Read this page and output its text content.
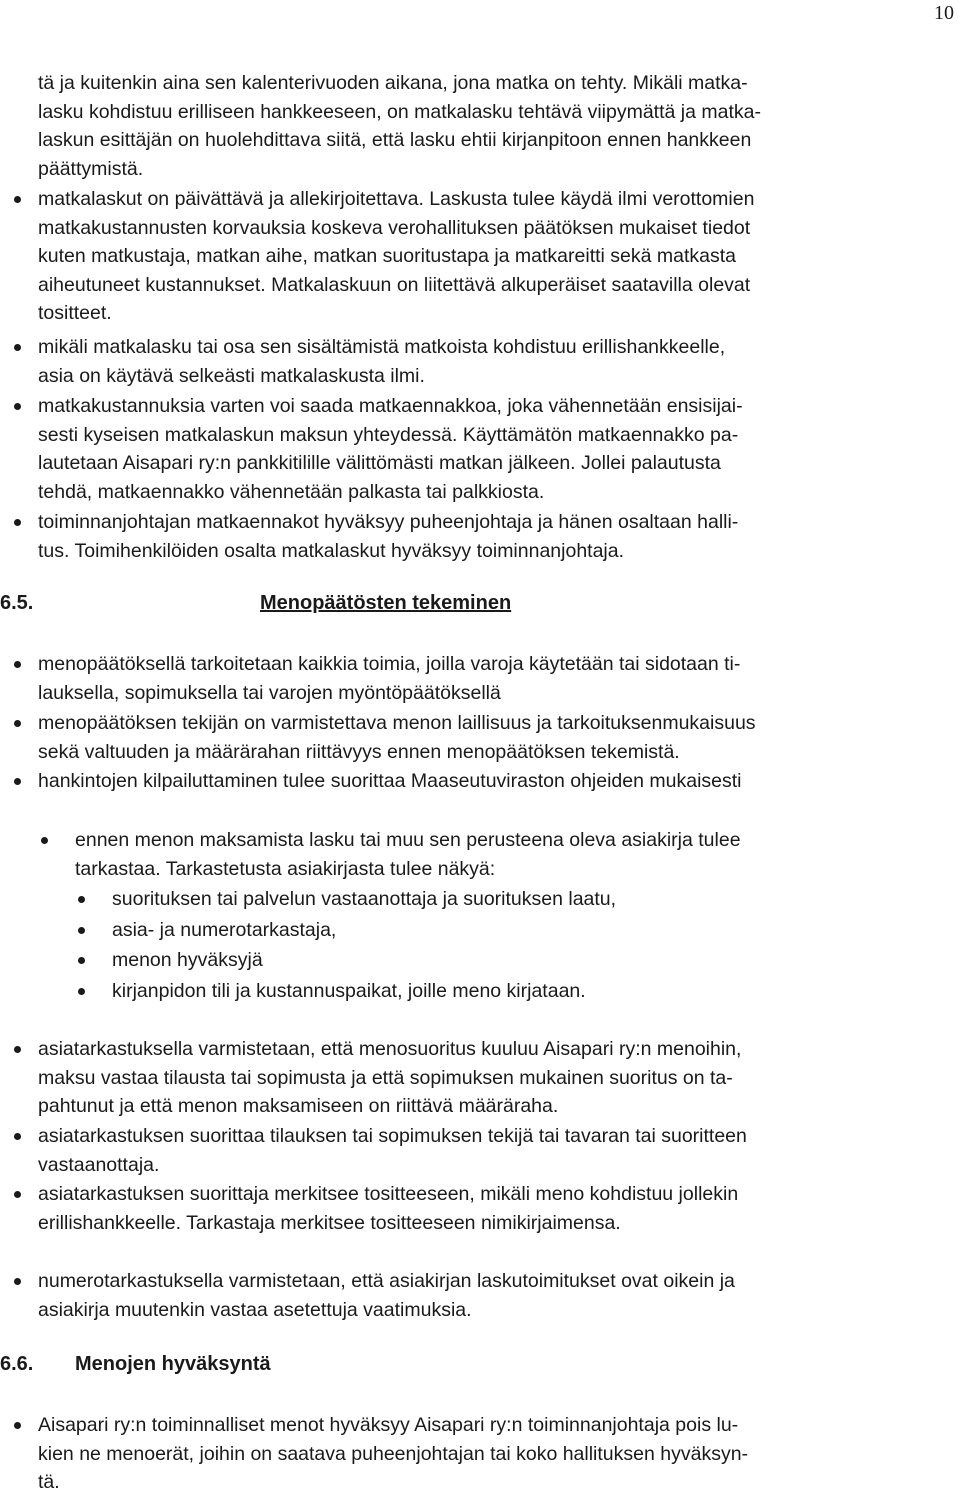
10

tä ja kuitenkin aina sen kalenterivuoden aikana, jona matka on tehty. Mikäli matka-

lasku kohdistuu erilliseen hankkeeseen, on matkalasku tehtävä viipymättä ja matka-

laskun esittäjän on huolehdittava siitä, että lasku ehtii kirjanpitoon ennen hankkeen

päättymistä.

matkalaskut on päivättävä ja allekirjoitettava. Laskusta tulee käydä ilmi verottomien

matkakustannusten korvauksia koskeva verohallituksen päätöksen mukaiset tiedot

kuten matkustaja, matkan aihe, matkan suoritustapa ja matkareitti sekä matkasta

aiheutuneet kustannukset. Matkalaskuun on liitettävä alkuperäiset saatavilla olevat

tositteet.

mikäli matkalasku tai osa sen sisältämistä matkoista kohdistuu erillishankkeelle,

asia on käytävä selkeästi matkalaskusta ilmi.

matkakustannuksia varten voi saada matkaennakkoa, joka vähennetään ensisijai-

sesti kyseisen matkalaskun maksun yhteydessä. Käyttämätön matkaennakko pa-

lautetaan Aisapari ry:n pankkitilille välittömästi matkan jälkeen. Jollei palautusta

tehdä, matkaennakko vähennetään palkasta tai palkkiosta.

toiminnanjohtajan matkaennakot hyväksyy puheenjohtaja ja hänen osaltaan halli-

tus. Toimihenkilöiden osalta matkalaskut hyväksyy toiminnanjohtaja.

6.5.	Menopäätösten tekeminen

menopäätöksellä tarkoitetaan kaikkia toimia, joilla varoja käytetään tai sidotaan ti-

lauksella, sopimuksella tai varojen myöntöpäätöksellä

menopäätöksen tekijän on varmistettava menon laillisuus ja tarkoituksenmukaisuus

sekä valtuuden ja määrärahan riittävyys ennen menopäätöksen tekemistä.

hankintojen kilpailuttaminen tulee suorittaa Maaseutuviraston ohjeiden mukaisesti

ennen menon maksamista lasku tai muu sen perusteena oleva asiakirja tulee

tarkastaa. Tarkastetusta asiakirjasta tulee näkyä:

suorituksen tai palvelun vastaanottaja ja suorituksen laatu,

asia- ja numerotarkastaja,

menon hyväksyjä

kirjanpidon tili ja kustannuspaikat, joille meno kirjataan.

asiatarkastuksella varmistetaan, että menosuoritus kuuluu Aisapari ry:n menoihin,

maksu vastaa tilausta tai sopimusta ja että sopimuksen mukainen suoritus on ta-

pahtunut ja että menon maksamiseen on riittävä määräraha.

asiatarkastuksen suorittaa tilauksen tai sopimuksen tekijä tai tavaran tai suoritteen

vastaanottaja.

asiatarkastuksen suorittaja merkitsee tositteeseen, mikäli meno kohdistuu jollekin

erillishankkeelle. Tarkastaja merkitsee tositteeseen nimikirjaimensa.

numerotarkastuksella varmistetaan, että asiakirjan laskutoimitukset ovat oikein ja

asiakirja muutenkin vastaa asetettuja vaatimuksia.

6.6. Menojen hyväksyntä

Aisapari ry:n toiminnalliset menot hyväksyy Aisapari ry:n toiminnanjohtaja pois lu-

kien ne menoerät, joihin on saatava puheenjohtajan tai koko hallituksen hyväksyn-

tä.
